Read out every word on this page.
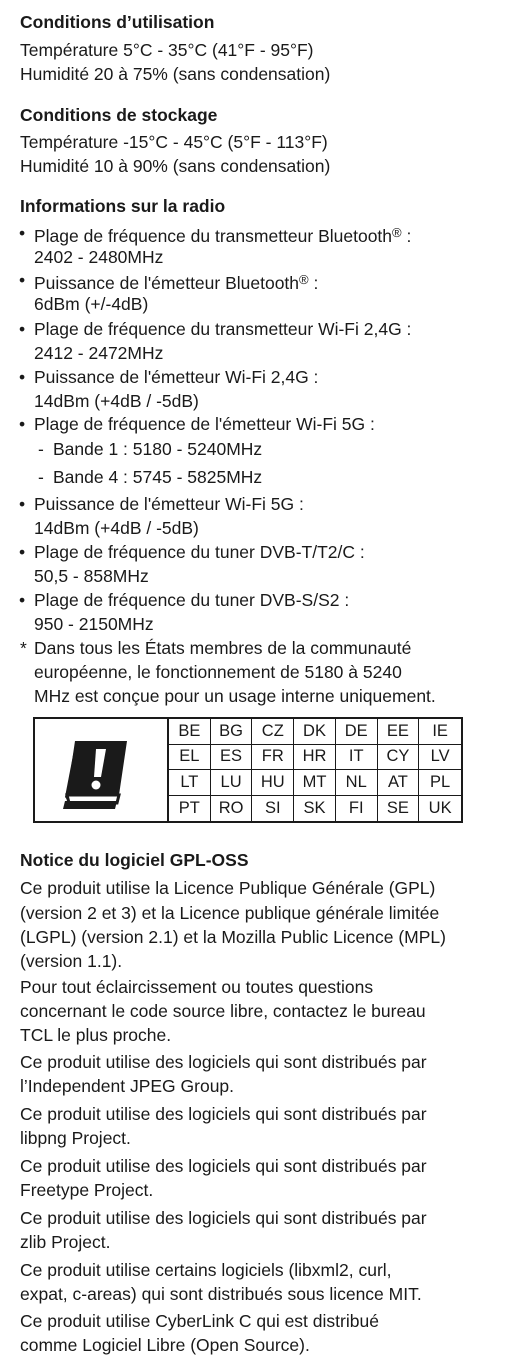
Conditions d’utilisation
Température 5°C - 35°C (41°F - 95°F)
Humidité 20 à 75% (sans condensation)
Conditions de stockage
Température -15°C - 45°C (5°F - 113°F)
Humidité 10 à 90% (sans condensation)
Informations sur la radio
• Plage de fréquence du transmetteur Bluetooth® :
2402 - 2480MHz
• Puissance de l'émetteur Bluetooth® :
6dBm (+/-4dB)
• Plage de fréquence du transmetteur Wi-Fi 2,4G :
2412 - 2472MHz
• Puissance de l'émetteur Wi-Fi 2,4G :
14dBm (+4dB / -5dB)
• Plage de fréquence de l'émetteur Wi-Fi 5G :
- Bande 1 : 5180 - 5240MHz
- Bande 4 : 5745 - 5825MHz
• Puissance de l'émetteur Wi-Fi 5G :
14dBm (+4dB / -5dB)
• Plage de fréquence du tuner DVB-T/T2/C :
50,5 - 858MHz
• Plage de fréquence du tuner DVB-S/S2 :
950 - 2150MHz
* Dans tous les États membres de la communauté
européenne, le fonctionnement de 5180 à 5240
MHz est conçue pour un usage interne uniquement.
BE	BG	CZ	DK	DE	EE	IE
EL	ES	FR	HR	IT	CY	LV
LT	LU	HU	MT	NL	AT	PL
PT	RO	SI	SK	FI	SE	UK
Notice du logiciel GPL-OSS
Ce produit utilise la Licence Publique Générale (GPL)
(version 2 et 3) et la Licence publique générale limitée
(LGPL) (version 2.1) et la Mozilla Public Licence (MPL)
(version 1.1).
Pour tout éclaircissement ou toutes questions
concernant le code source libre, contactez le bureau
TCL le plus proche.
Ce produit utilise des logiciels qui sont distribués par
l’Independent JPEG Group.
Ce produit utilise des logiciels qui sont distribués par
libpng Project.
Ce produit utilise des logiciels qui sont distribués par
Freetype Project.
Ce produit utilise des logiciels qui sont distribués par
zlib Project.
Ce produit utilise certains logiciels (libxml2, curl,
expat, c-areas) qui sont distribués sous licence MIT.
Ce produit utilise CyberLink C qui est distribué
comme Logiciel Libre (Open Source).
